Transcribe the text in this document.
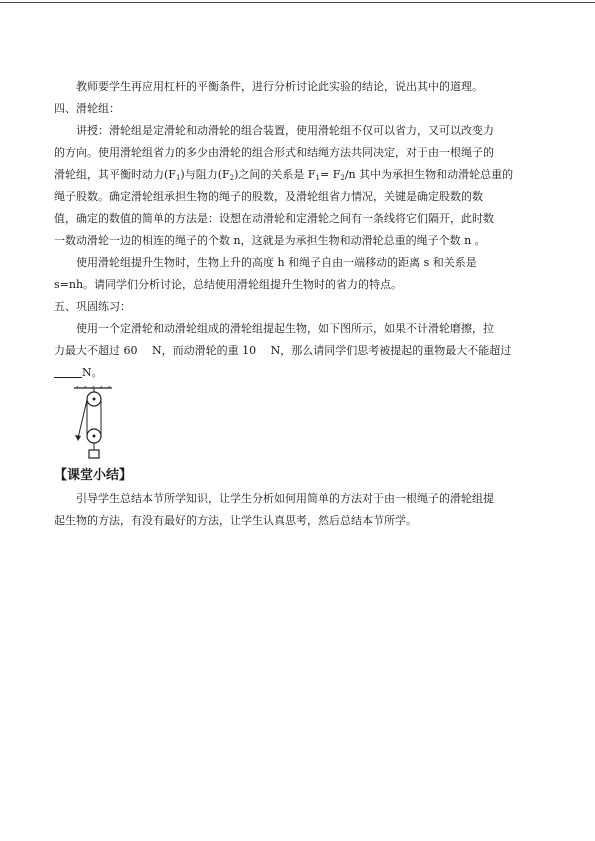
教师要学生再应用杠杆的平衡条件，进行分析讨论此实验的结论，说出其中的道理。

四、滑轮组：

讲授：滑轮组是定滑轮和动滑轮的组合装置，使用滑轮组不仅可以省力，又可以改变力

的方向。使用滑轮组省力的多少由滑轮的组合形式和结绳方法共同决定，对于由一根绳子的

滑轮组，其平衡时动力$(F_1)$与阻力$(F_2)$之间的关系是 $F_1= F_2/n$ 其中为承担生物和动滑轮总重的

绳子股数。确定滑轮组承担生物的绳子的股数，及滑轮组省力情况，关键是确定股数的数

值，确定的数值的简单的方法是：设想在动滑轮和定滑轮之间有一条线将它们隔开，此时数

一数动滑轮一边的相连的绳子的个数 n，这就是为承担生物和动滑轮总重的绳子个数 n 。

使用滑轮组提升生物时，生物上升的高度 h 和绳子自由一端移动的距离 s 和关系是

s=nh。请同学们分析讨论，总结使用滑轮组提升生物时的省力的特点。

五、巩固练习：

使用一个定滑轮和动滑轮组成的滑轮组提起生物，如下图所示，如果不计滑轮磨擦，拉

力最大不超过 60　 N，而动滑轮的重 10　 N，那么请同学们思考被提起的重物最大不能超过

N。

【课堂小结】

引导学生总结本节所学知识，让学生分析如何用简单的方法对于由一根绳子的滑轮组提

起生物的方法，有没有最好的方法，让学生认真思考，然后总结本节所学。
